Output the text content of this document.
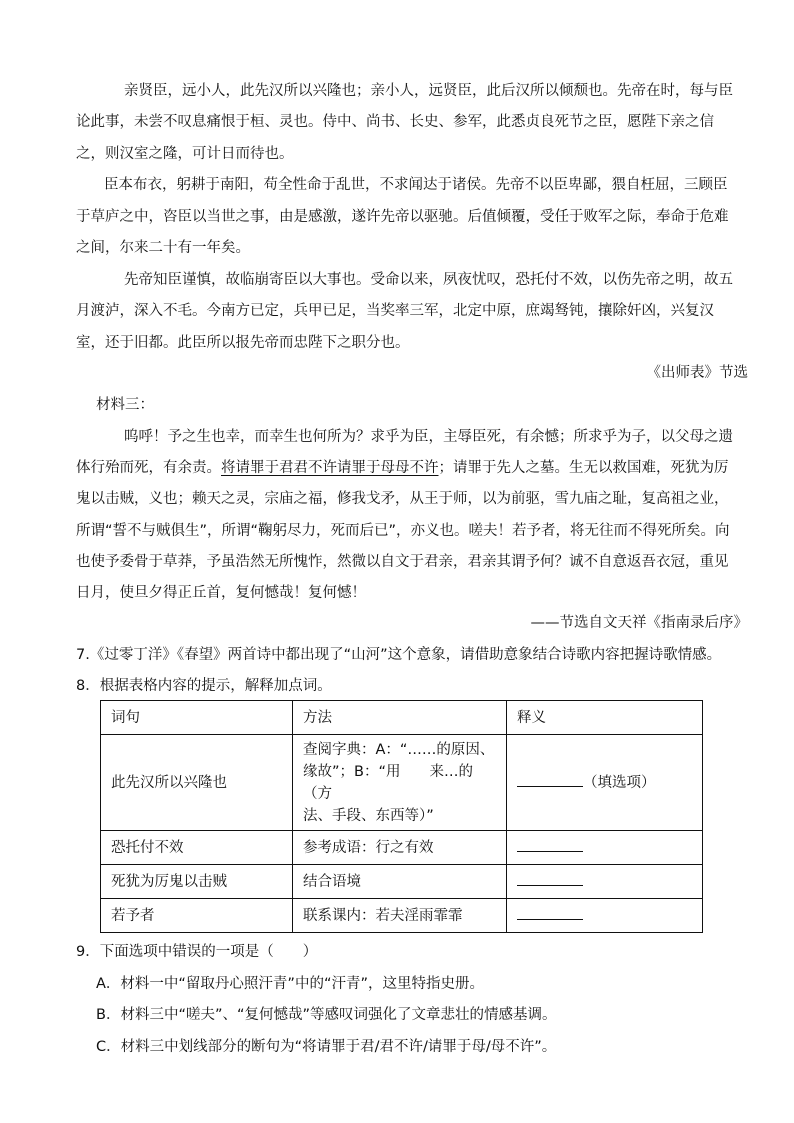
亲贤臣，远小人，此先汉所以兴隆也；亲小人，远贤臣，此后汉所以倾颓也。先帝在时，每与臣
论此事，未尝不叹息痛恨于桓、灵也。侍中、尚书、长史、参军，此悉贞良死节之臣，愿陛下亲之信
之，则汉室之隆，可计日而待也。
臣本布衣，躬耕于南阳，苟全性命于乱世，不求闻达于诸侯。先帝不以臣卑鄙，猥自枉屈，三顾臣
于草庐之中，咨臣以当世之事，由是感激，遂许先帝以驱驰。后值倾覆，受任于败军之际，奉命于危难
之间，尔来二十有一年矣。
先帝知臣谨慎，故临崩寄臣以大事也。受命以来，夙夜忧叹，恐托付不效，以伤先帝之明，故五
月渡泸，深入不毛。今南方已定，兵甲已足，当奖率三军，北定中原，庶竭驽钝，攘除奸凶，兴复汉
室，还于旧都。此臣所以报先帝而忠陛下之职分也。
《出师表》节选
材料三：
呜呼！予之生也幸，而幸生也何所为？求乎为臣，主辱臣死，有余憾；所求乎为子，以父母之遗
体行殆而死，有余责。将请罪于君君不许请罪于母母不许；请罪于先人之墓。生无以救国难，死犹为厉
鬼以击贼，义也；赖天之灵，宗庙之福，修我戈矛，从王于师，以为前驱，雪九庙之耻，复高祖之业，
所谓“誓不与贼俱生”，所谓“鞠躬尽力，死而后已”，亦义也。嗟夫！若予者，将无往而不得死所矣。向
也使予委骨于草莽，予虽浩然无所愧怍，然微以自文于君亲，君亲其谓予何？诚不自意返吾衣冠，重见
日月，使旦夕得正丘首，复何憾哉！复何憾！
——节选自文天祥《指南录后序》
7.《过零丁洋》《春望》两首诗中都出现了“山河”这个意象，请借助意象结合诗歌内容把握诗歌情感。
8．根据表格内容的提示，解释加点词。
词句	方法	释义
此先汉所以兴隆也	查阅字典：A：“……的原因、
缘故”；B：“用　　来…的（方
法、手段、东西等）”	（填选项）
恐托付不效	参考成语：行之有效	
死犹为厉鬼以击贼	结合语境	
若予者	联系课内：若夫淫雨霏霏	
9．下面选项中错误的一项是（　　）
A．材料一中“留取丹心照汗青”中的“汗青”，这里特指史册。
B．材料三中“嗟夫”、“复何憾哉”等感叹词强化了文章悲壮的情感基调。
C．材料三中划线部分的断句为“将请罪于君/君不许/请罪于母/母不许”。
